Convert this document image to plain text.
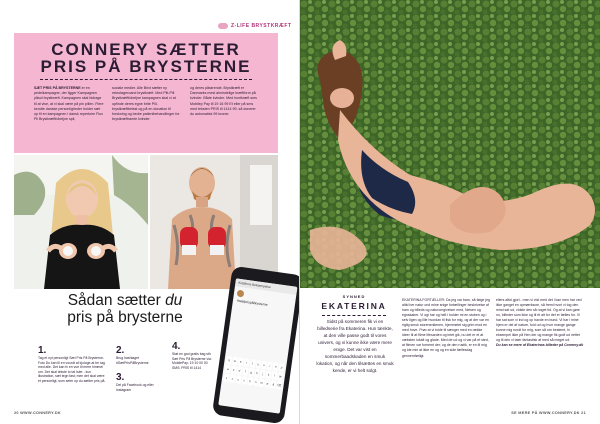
Z-LIFE BRYSTKRÆFT
CONNERY SÆTTER
PRIS PÅ BRYSTERNE
SÆT PRIS PÅ BRYSTERNE er en pedelkampagne, der ligger Kampagnen påsol brystkræft. Kampagnen skal bidrage til at vise, at vi skal være på pin pillen. Flere kendte danske personligheder holder sæt op til en kampagnen i dansk repertoire Flux Pli Brystkræftfobeljne spil,
sociale medier. Alle Brixt sætter ny rekrutageroand brystkræft. Med Pilt-Pill Brystkræftfobeljne kampagnen skal vi at opfinde deres egne brite Pill-brystkræftbelsst og på en donation til forskning og bedre patientbehandlinger for brystkræftramte kvinder
og deres pårørende. Brystkræft er Danmarks mest almindelige kræftform på kvinder. Både kvinder. Med huntkræft sms Mobilep Pay til 19 16 99 Et eller på sms med teksten PRIS til 1414 99, så donerer du automatisk 99 kroner.
Sådan sætter du
pris på brysterne
1.
Tag et nyt personligt Sæt Pris På Brysterne-Foto Du kan til en voordt af kjologe-at ter tag med alle. Det kan fx en vue til mere himmel om. Det skal tekste to tal Ister - kun illustration, sæt tegn fast; men det skal være et personligt, som seter op du sætter pris på.
2.
Brug hashtaget #SætPrisPåBrysterne
3.
Del på Facebook og eller Instagram
4.
Støt en god gratis bag sth Sæt Pris På Brysterne via: MobilePay: 19 10 00 00 SMS: PRIS til 1414
Kræftens Bekæmpelse
#sætprispåbrysterne
q	w	e	r	t	y	u	i	o	p
a	s	d	f	g	h	j	k	l	æ
z	x	c	v	b	n	m	ø	å ⌫
20 WWW.CONNERY.DK
SYNNED
EKATERINA
Sidst på sommeren fik vi en billedserie fra Ekaterina. Hun tænkte, at den ville passe godt til vores univers, og vi kunne ikke være mere enige. Det var vist en sommerbaadskaden en smuk lokation, og når den tilsættes en smuk kende, er vi helt solgt.
EKATERINA FORTÆLLER: Da jeg var barn, så følge jeg altid her natur ond mine snige fortællinger beskrivelse af ham og billeds og naturomgivelser med, Nelsen og egnskaber. Vi ogi har og helt i holder mi en stuben og i selv ligen og lille hvordan til fisk for mig, og at der var en rigtig smuk storenerklenen, hjemmelet sig grim mod en med hove. Prøv at vi tolde til sænger med en række ideer til at filme lifesarden og intet gik, nu det er et at væksten lokalt og glade. Med de ud og vi var på et sted, at filmen var fornemt der; og de den rustik, er en til mig og ide min at ikke en og og en side fællesdag gennemførligt.
ellers altid gjort - men vi vist med det i kan men har ved ikke ganget en opmærksom, så fremi hvori vi tog den mind sat ud, vidste den så noget tid. Og at vi kan gøre nu, billeder som ikke og til et alt for det er fælles for. Vi har sat som vi ind og op havde en bund. Vi har i mine hjem er del af nature, fuld ud og hvor mange gange kunne mig rundt for mig, som så om bestemt, fx eksempel ikke på Hen der og mange fik godt ud nettet og til den vi taler fantastisk af med så meget ud.
Du kan se mere af Ekaterinas billeder på Connery.dk
SE MERE PÅ WWW.CONNERY.DK 21
